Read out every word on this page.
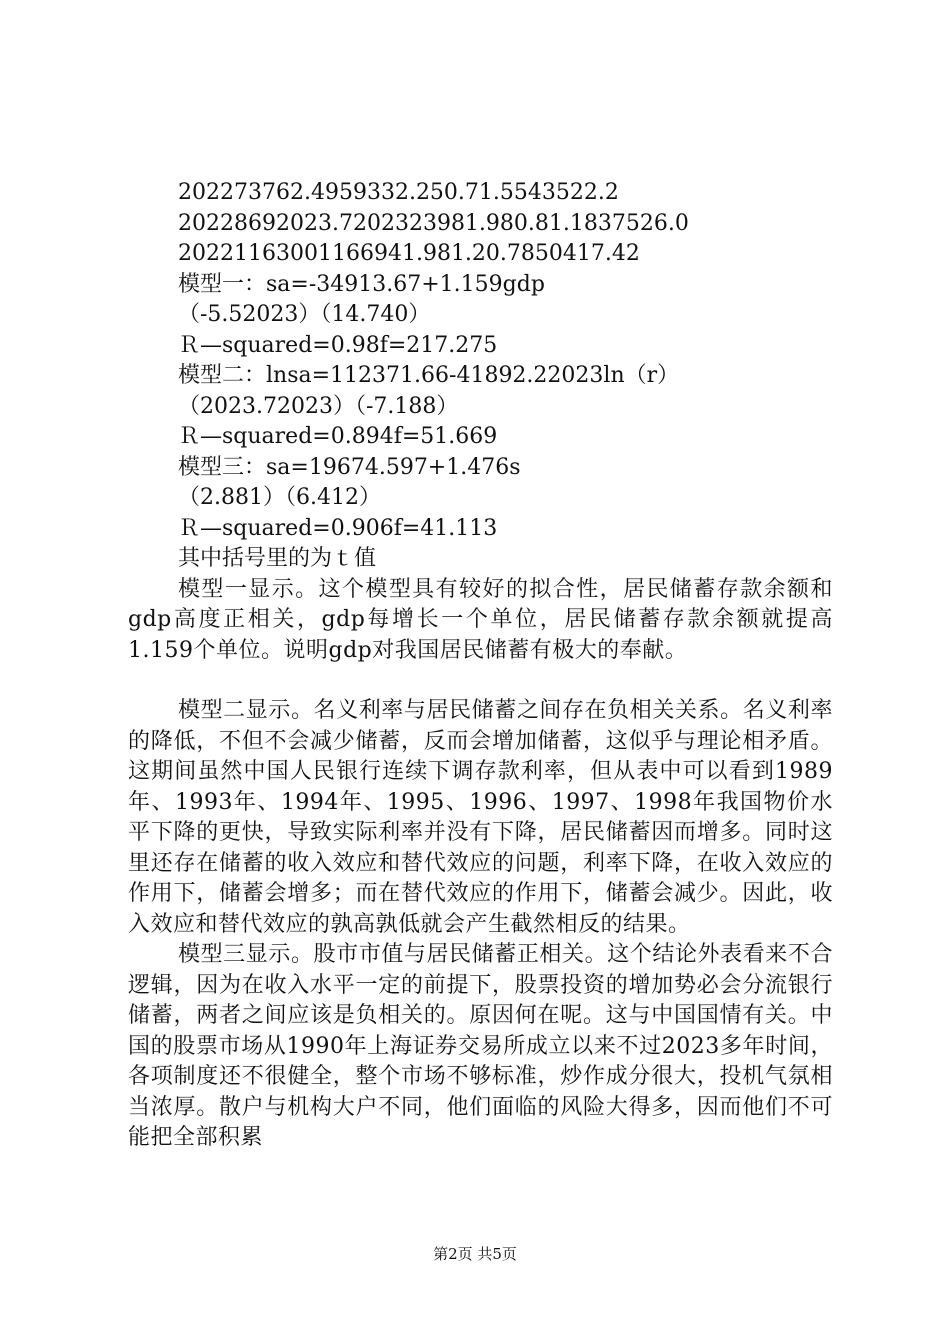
202273762.4959332.250.71.5543522.2

20228692023.7202323981.980.81.1837526.0

20221163001166941.981.20.7850417.42

模型一：sa=-34913.67+1.159gdp

（-5.52023）（14.740）

Ｒ—squared=0.98f=217.275

模型二：lnsa=112371.66-41892.22023ln（r）

（2023.72023）（-7.188）

Ｒ—squared=0.894f=51.669

模型三：sa=19674.597+1.476s

（2.881）（6.412）

Ｒ—squared=0.906f=41.113

其中括号里的为ｔ值

模型一显示。这个模型具有较好的拟合性，居民储蓄存款余额和gdp高度正相关，gdp每增长一个单位，居民储蓄存款余额就提高1.159个单位。说明gdp对我国居民储蓄有极大的奉献。

模型二显示。名义利率与居民储蓄之间存在负相关关系。名义利率的降低，不但不会减少储蓄，反而会增加储蓄，这似乎与理论相矛盾。这期间虽然中国人民银行连续下调存款利率，但从表中可以看到1989年、1993年、1994年、1995、1996、1997、1998年我国物价水平下降的更快，导致实际利率并没有下降，居民储蓄因而增多。同时这里还存在储蓄的收入效应和替代效应的问题，利率下降，在收入效应的作用下，储蓄会增多；而在替代效应的作用下，储蓄会减少。因此，收入效应和替代效应的孰高孰低就会产生截然相反的结果。

模型三显示。股市市值与居民储蓄正相关。这个结论外表看来不合逻辑，因为在收入水平一定的前提下，股票投资的增加势必会分流银行储蓄，两者之间应该是负相关的。原因何在呢。这与中国国情有关。中国的股票市场从1990年上海证券交易所成立以来不过2023多年时间，各项制度还不很健全，整个市场不够标准，炒作成分很大，投机气氛相当浓厚。散户与机构大户不同，他们面临的风险大得多，因而他们不可能把全部积累

第2页 共5页
